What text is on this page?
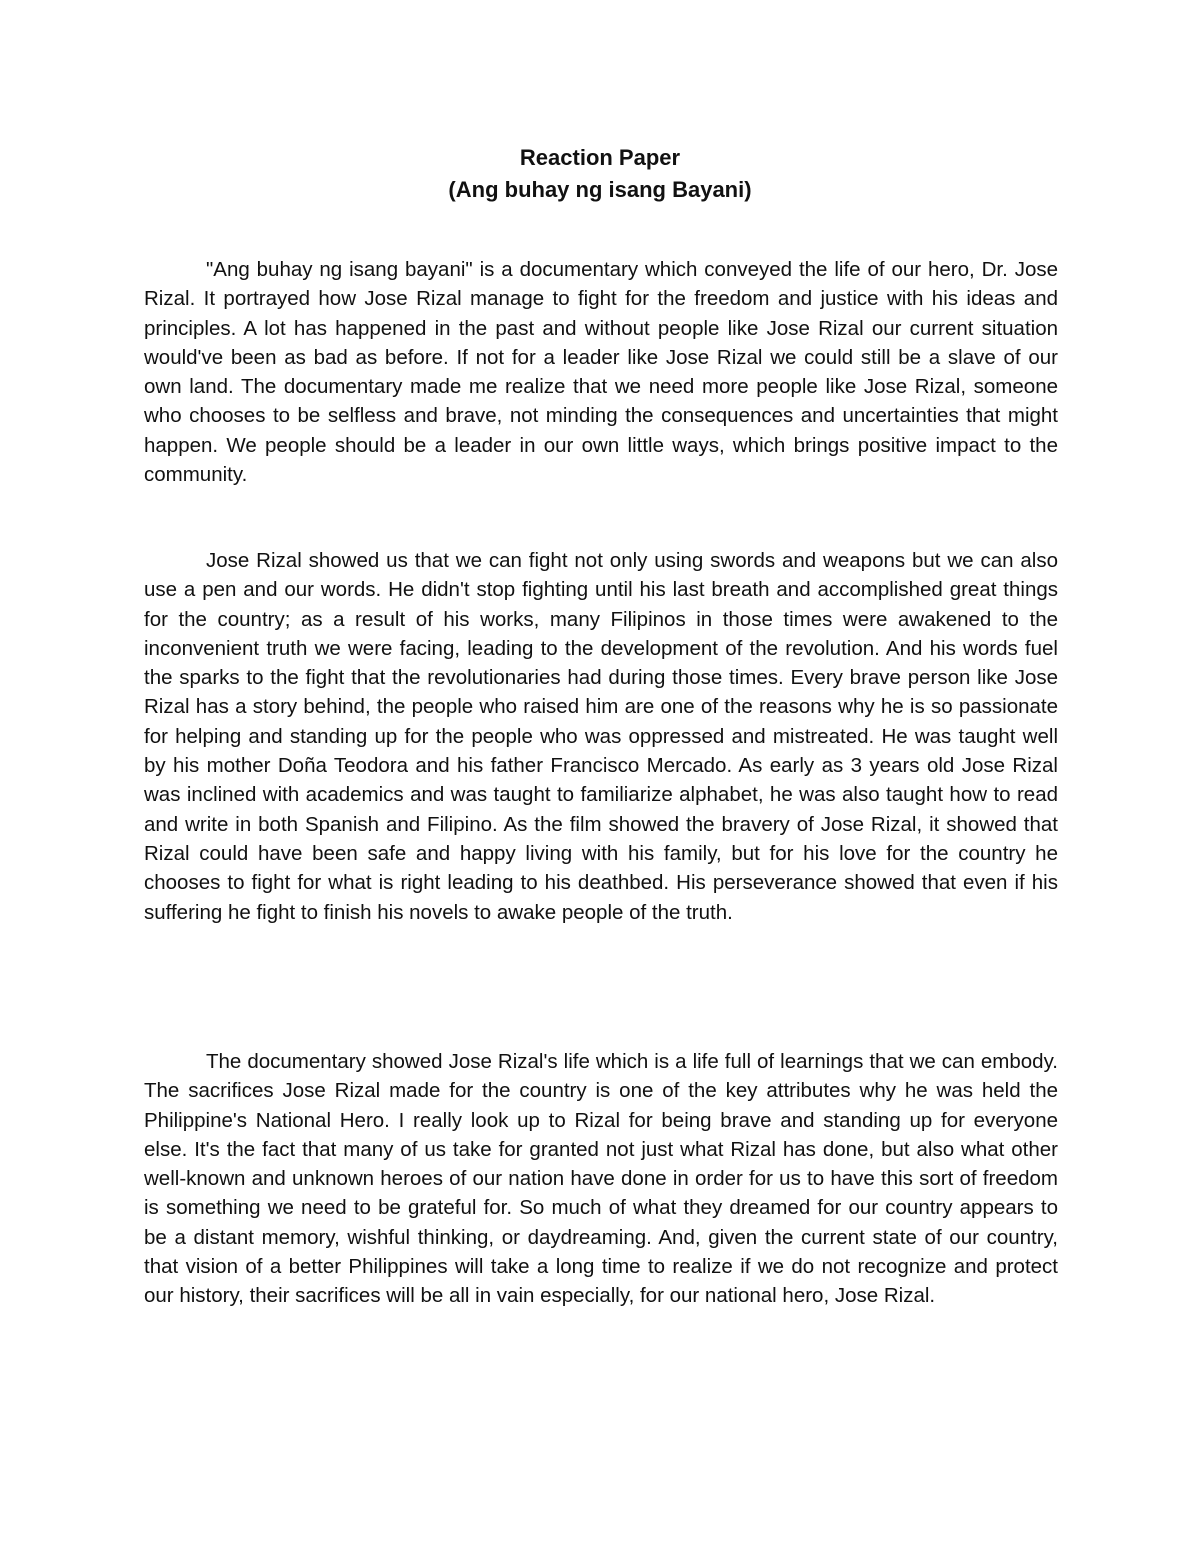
Reaction Paper
(Ang buhay ng isang Bayani)

"Ang buhay ng isang bayani" is a documentary which conveyed the life of our hero, Dr. Jose Rizal. It portrayed how Jose Rizal manage to fight for the freedom and justice with his ideas and principles. A lot has happened in the past and without people like Jose Rizal our current situation would've been as bad as before. If not for a leader like Jose Rizal we could still be a slave of our own land. The documentary made me realize that we need more people like Jose Rizal, someone who chooses to be selfless and brave, not minding the consequences and uncertainties that might happen. We people should be a leader in our own little ways, which brings positive impact to the community.

Jose Rizal showed us that we can fight not only using swords and weapons but we can also use a pen and our words. He didn't stop fighting until his last breath and accomplished great things for the country; as a result of his works, many Filipinos in those times were awakened to the inconvenient truth we were facing, leading to the development of the revolution. And his words fuel the sparks to the fight that the revolutionaries had during those times. Every brave person like Jose Rizal has a story behind, the people who raised him are one of the reasons why he is so passionate for helping and standing up for the people who was oppressed and mistreated. He was taught well by his mother Doña Teodora and his father Francisco Mercado. As early as 3 years old Jose Rizal was inclined with academics and was taught to familiarize alphabet, he was also taught how to read and write in both Spanish and Filipino. As the film showed the bravery of Jose Rizal, it showed that Rizal could have been safe and happy living with his family, but for his love for the country he chooses to fight for what is right leading to his deathbed. His perseverance showed that even if his suffering he fight to finish his novels to awake people of the truth.

The documentary showed Jose Rizal's life which is a life full of learnings that we can embody. The sacrifices Jose Rizal made for the country is one of the key attributes why he was held the Philippine's National Hero. I really look up to Rizal for being brave and standing up for everyone else. It's the fact that many of us take for granted not just what Rizal has done, but also what other well-known and unknown heroes of our nation have done in order for us to have this sort of freedom is something we need to be grateful for. So much of what they dreamed for our country appears to be a distant memory, wishful thinking, or daydreaming. And, given the current state of our country, that vision of a better Philippines will take a long time to realize if we do not recognize and protect our history, their sacrifices will be all in vain especially, for our national hero, Jose Rizal.
